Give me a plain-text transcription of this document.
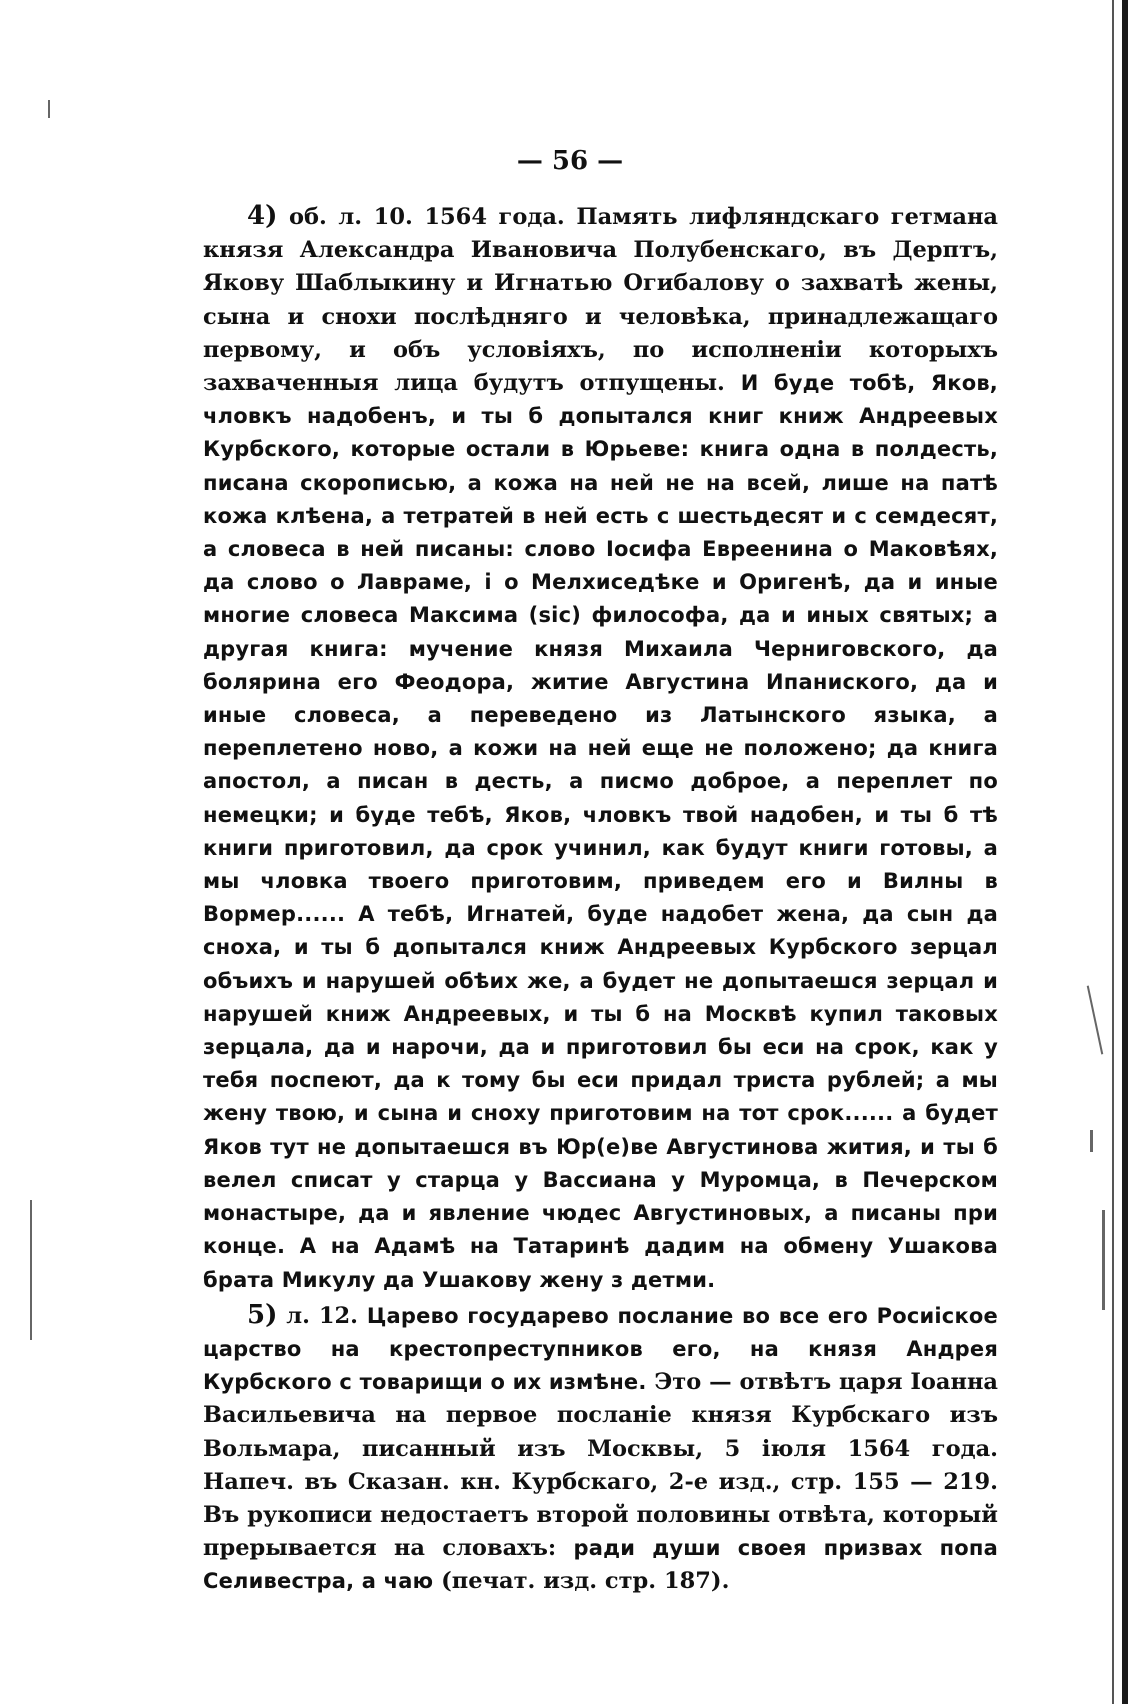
— 56 —

4) об. л. 10. 1564 года. Память лифляндскаго гетмана князя Александра Ивановича Полубенскаго, въ Дерптъ, Якову Шаблыкину и Игнатью Огибалову о захватѣ жены, сына и снохи послѣдняго и человѣка, принадлежащаго первому, и объ условіяхъ, по исполненіи которыхъ захваченныя лица будутъ отпущены. И буде тобѣ, Яков, чловкъ надобенъ, и ты б допытался книг книж Андреевых Курбского, которые остали в Юрьеве: книга одна в полдесть, писана скорописью, а кожа на ней не на всей, лише на патѣ кожа клѣена, а тетратей в ней есть с шестьдесят и с семдесят, а словеса в ней писаны: слово Іосифа Евреенина о Маковѣях, да слово о Лавраме, і о Мелхиседѣке и Оригенѣ, да и иные многие словеса Максима (sic) философа, да и иных святых; а другая книга: мучение князя Михаила Черниговского, да болярина его Феодора, житие Августина Ипаниского, да и иные словеса, а переведено из Латынского языка, а переплетено ново, а кожи на ней еще не положено; да книга апостол, а писан в десть, а писмо доброе, а переплет по немецки; и буде тебѣ, Яков, чловкъ твой надобен, и ты б тѣ книги приготовил, да срок учинил, как будут книги готовы, а мы чловка твоего приготовим, приведем его и Вилны в Вормер...... А тебѣ, Игнатей, буде надобет жена, да сын да сноха, и ты б допытался книж Андреевых Курбского зерцал объихъ и нарушей обѣих же, а будет не допытаешся зерцал и нарушей книж Андреевых, и ты б на Москвѣ купил таковых зерцала, да и нарочи, да и приготовил бы еси на срок, как у тебя поспеют, да к тому бы еси придал триста рублей; а мы жену твою, и сына и сноху приготовим на тот срок...... а будет Яков тут не допытаешся въ Юр(е)ве Августинова жития, и ты б велел списат у старца у Вассиана у Муромца, в Печерском монастыре, да и явление чюдес Августиновых, а писаны при конце. А на Адамѣ на Татаринѣ дадим на обмену Ушакова брата Микулу да Ушакову жену з детми.

5) л. 12. Царево государево послание во все его Росиіское царство на крестопреступников его, на князя Андрея Курбского с товарищи о их измѣне. Это — отвѣтъ царя Іоанна Васильевича на первое посланіе князя Курбскаго изъ Вольмара, писанный изъ Москвы, 5 іюля 1564 года. Напеч. въ Сказан. кн. Курбскаго, 2-е изд., стр. 155 — 219. Въ рукописи недостаетъ второй половины отвѣта, который прерывается на словахъ: ради души своея призвах попа Селивестра, а чаю (печат. изд. стр. 187).
